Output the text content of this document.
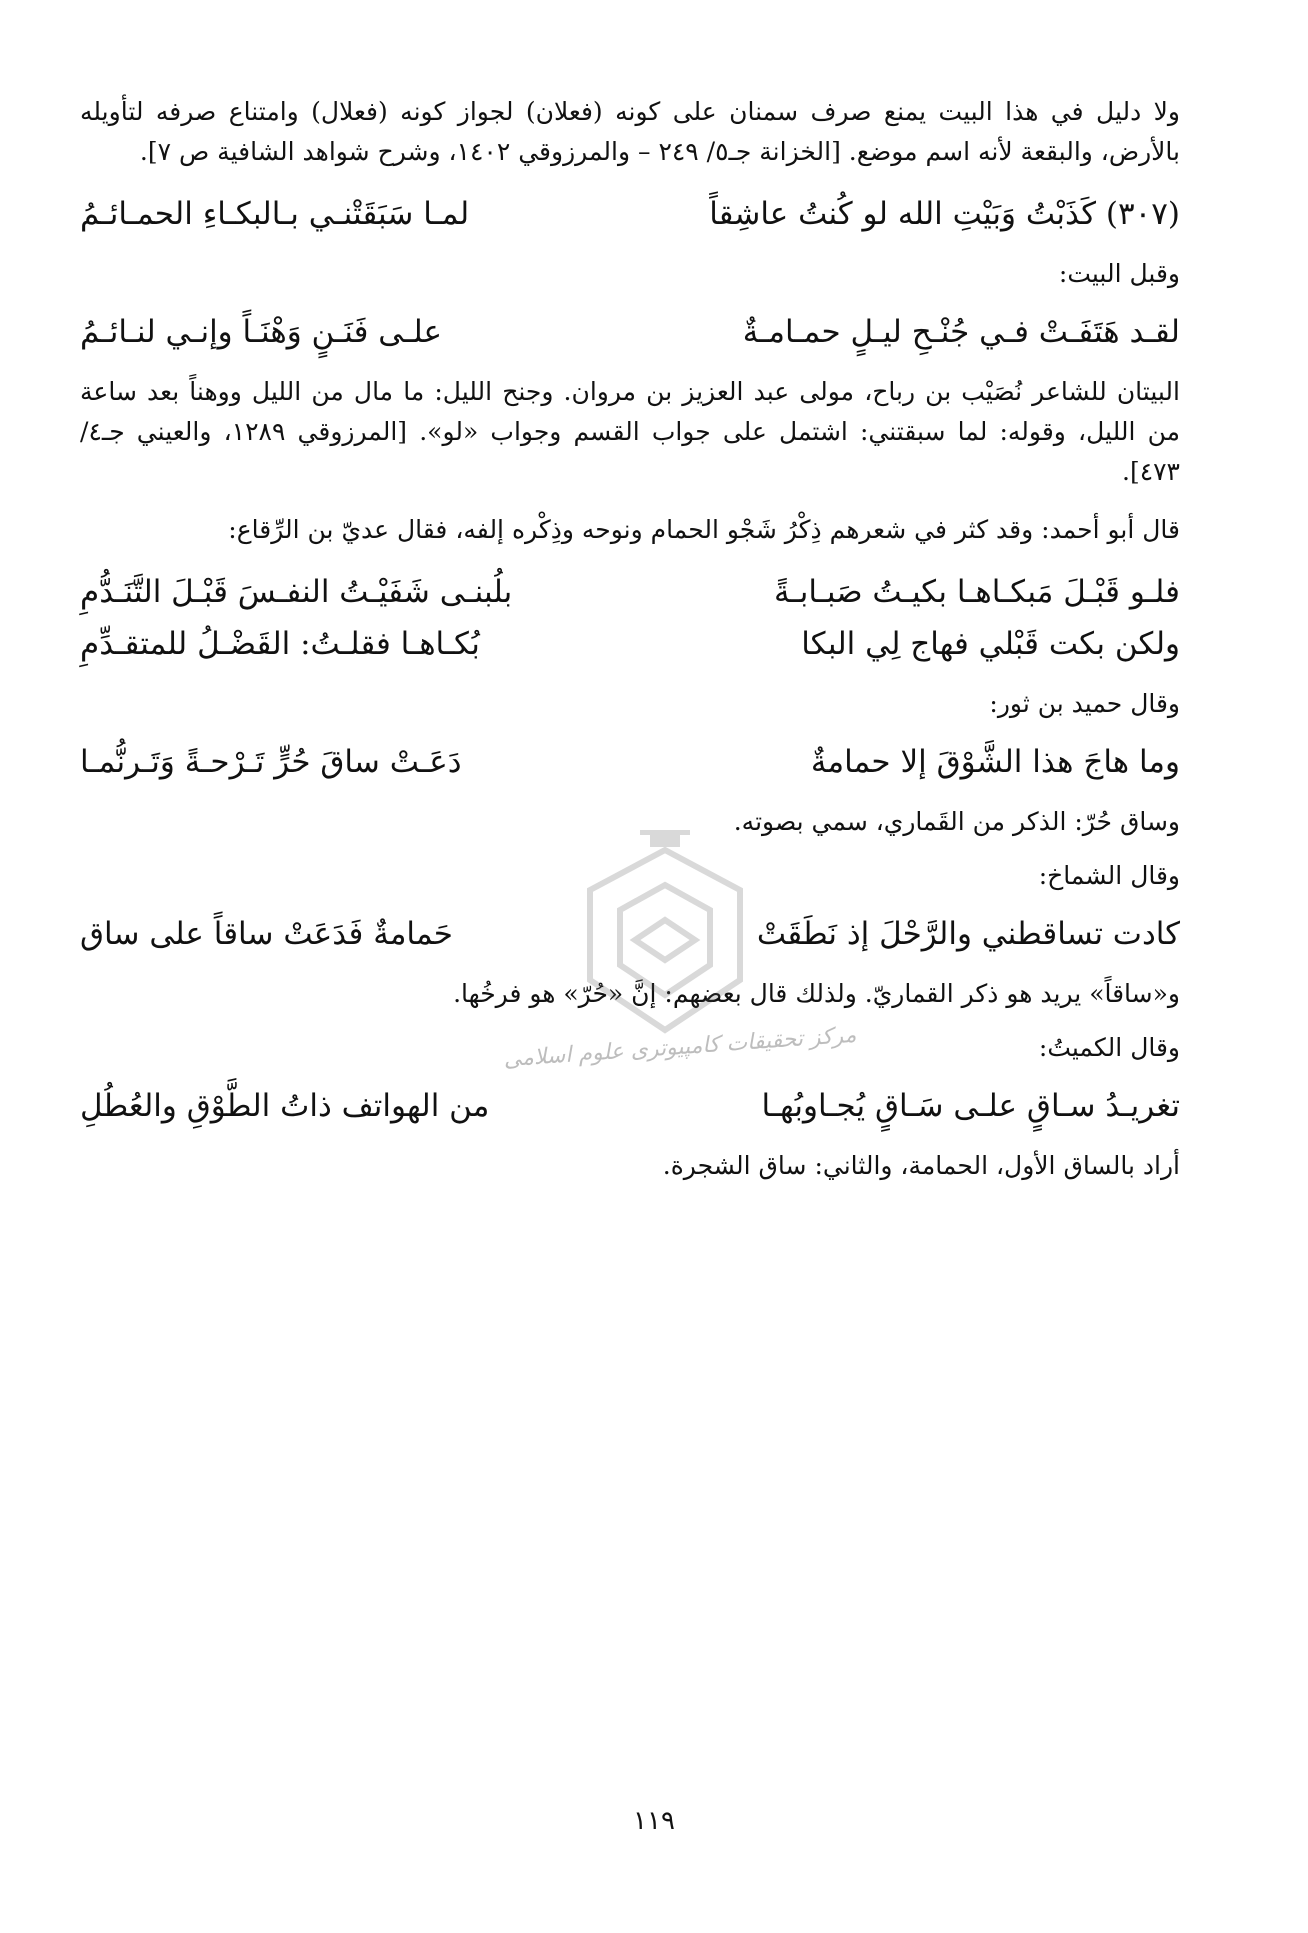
ولا دليل في هذا البيت يمنع صرف سمنان على كونه (فعلان) لجواز كونه (فعلال) وامتناع صرفه لتأويله بالأرض، والبقعة لأنه اسم موضع. [الخزانة جـ٥/ ٢٤٩ – والمرزوقي ١٤٠٢، وشرح شواهد الشافية ص ٧].

(٣٠٧) كَذَبْتُ وَبَيْتِ الله لو كُنتُ عاشِقاً
لمـا سَبَقَتْنـي بـالبكـاءِ الحمـائـمُ

وقبل البيت:

لقـد هَتَفَـتْ فـي جُنْـحِ ليـلٍ حمـامـةٌ
علـى فَنَـنٍ وَهْنَـاً وإنـي لنـائـمُ

البيتان للشاعر نُصَيْب بن رباح، مولى عبد العزيز بن مروان. وجنح الليل: ما مال من الليل ووهناً بعد ساعة من الليل، وقوله: لما سبقتني: اشتمل على جواب القسم وجواب «لو». [المرزوقي ١٢٨٩، والعيني جـ٤/ ٤٧٣].

قال أبو أحمد: وقد كثر في شعرهم ذِكْرُ شَجْو الحمام ونوحه وذِكْره إلفه، فقال عديّ بن الرِّقاع:

فلـو قَبْـلَ مَبكـاهـا بكيـتُ صَبـابـةً
بلُبنـى شَفَيْـتُ النفـسَ قَبْـلَ التَّنَـدُّمِ
ولكن بكت قَبْلي فهاج لِي البكا
بُكـاهـا فقلـتُ: القَضْـلُ للمتقـدِّمِ

وقال حميد بن ثور:

وما هاجَ هذا الشَّوْقَ إلا حمامةٌ
دَعَـتْ ساقَ حُرٍّ تَـرْحـةً وَتَـرنُّمـا

وساق حُرّ: الذكر من القَماري، سمي بصوته.

وقال الشماخ:

كادت تساقطني والرَّحْلَ إذ نَطَقَتْ
حَمامةٌ فَدَعَتْ ساقاً على ساق

و«ساقاً» يريد هو ذكر القماريّ. ولذلك قال بعضهم: إنَّ «حُرّ» هو فرخُها.

وقال الكميتُ:

تغريـدُ سـاقٍ علـى سَـاقٍ يُجـاوبُهـا
من الهواتف ذاتُ الطَّوْقِ والعُطُلِ

أراد بالساق الأول، الحمامة، والثاني: ساق الشجرة.

مرکز تحقیقات کامپیوتری علوم اسلامی
١١٩
